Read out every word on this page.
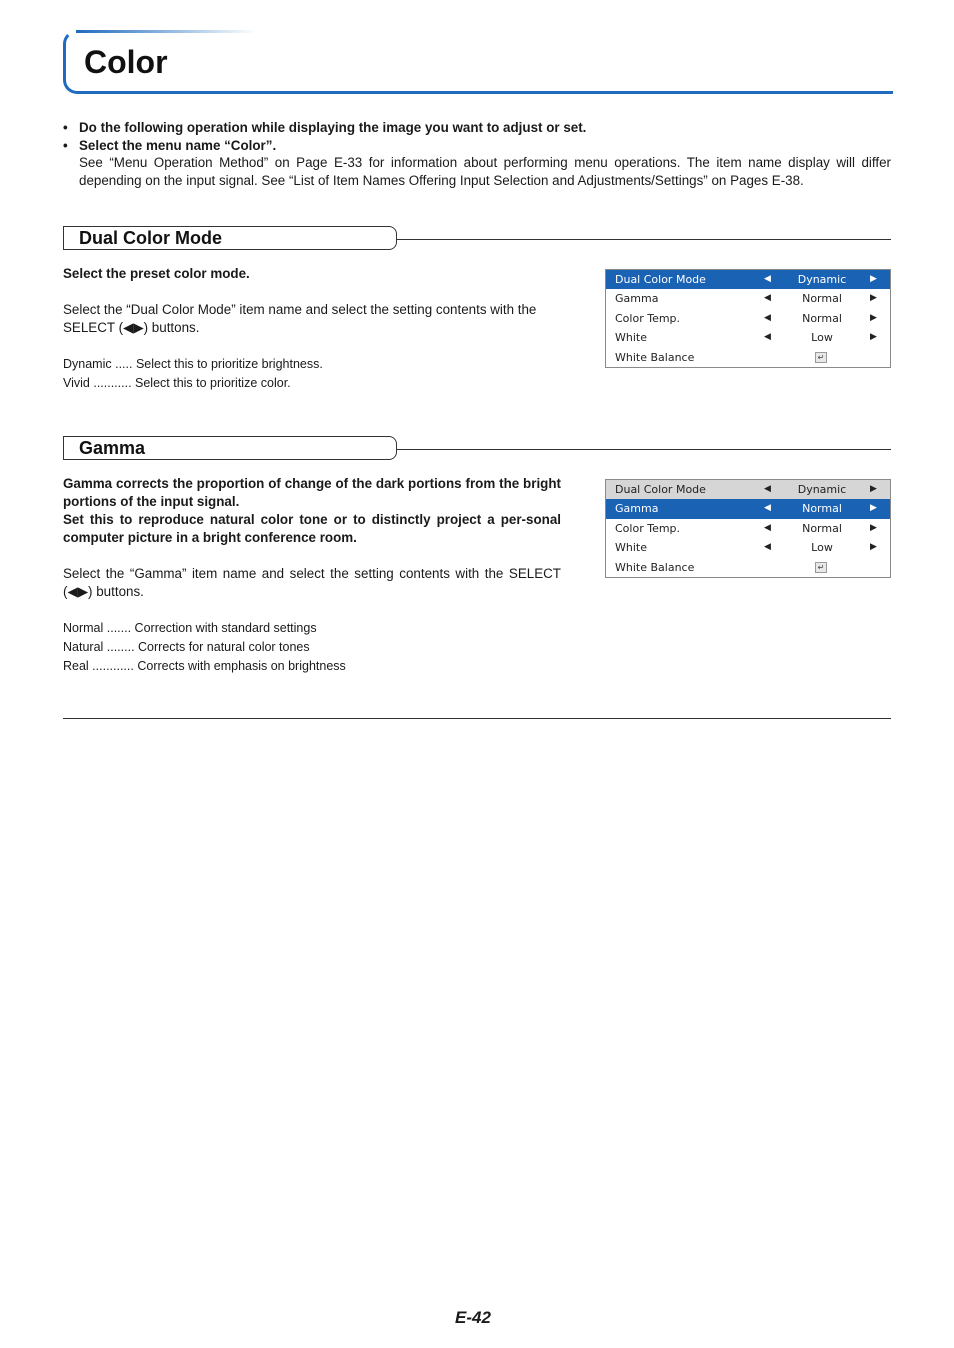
Color
• Do the following operation while displaying the image you want to adjust or set.
• Select the menu name “Color”.
See “Menu Operation Method” on Page E-33 for information about performing menu operations. The item name display will differ depending on the input signal. See “List of Item Names Offering Input Selection and Adjustments/Settings” on Pages E-38.
Dual Color Mode
Select the preset color mode.
Select the “Dual Color Mode” item name and select the setting contents with the SELECT (◀▶) buttons.
Dynamic ..... Select this to prioritize brightness.
Vivid ........... Select this to prioritize color.
Dual Color Mode	◀	Dynamic	▶
Gamma	◀	Normal	▶
Color Temp.	◀	Normal	▶
White	◀	Low	▶
White Balance	↵
Gamma
Gamma corrects the proportion of change of the dark portions from the bright portions of the input signal.
Set this to reproduce natural color tone or to distinctly project a per-sonal computer picture in a bright conference room.
Select the “Gamma” item name and select the setting contents with the SELECT (◀▶) buttons.
Normal ....... Correction with standard settings
Natural ........ Corrects for natural color tones
Real ............ Corrects with emphasis on brightness
Dual Color Mode	◀	Dynamic	▶
Gamma	◀	Normal	▶
Color Temp.	◀	Normal	▶
White	◀	Low	▶
White Balance	↵
E-42
